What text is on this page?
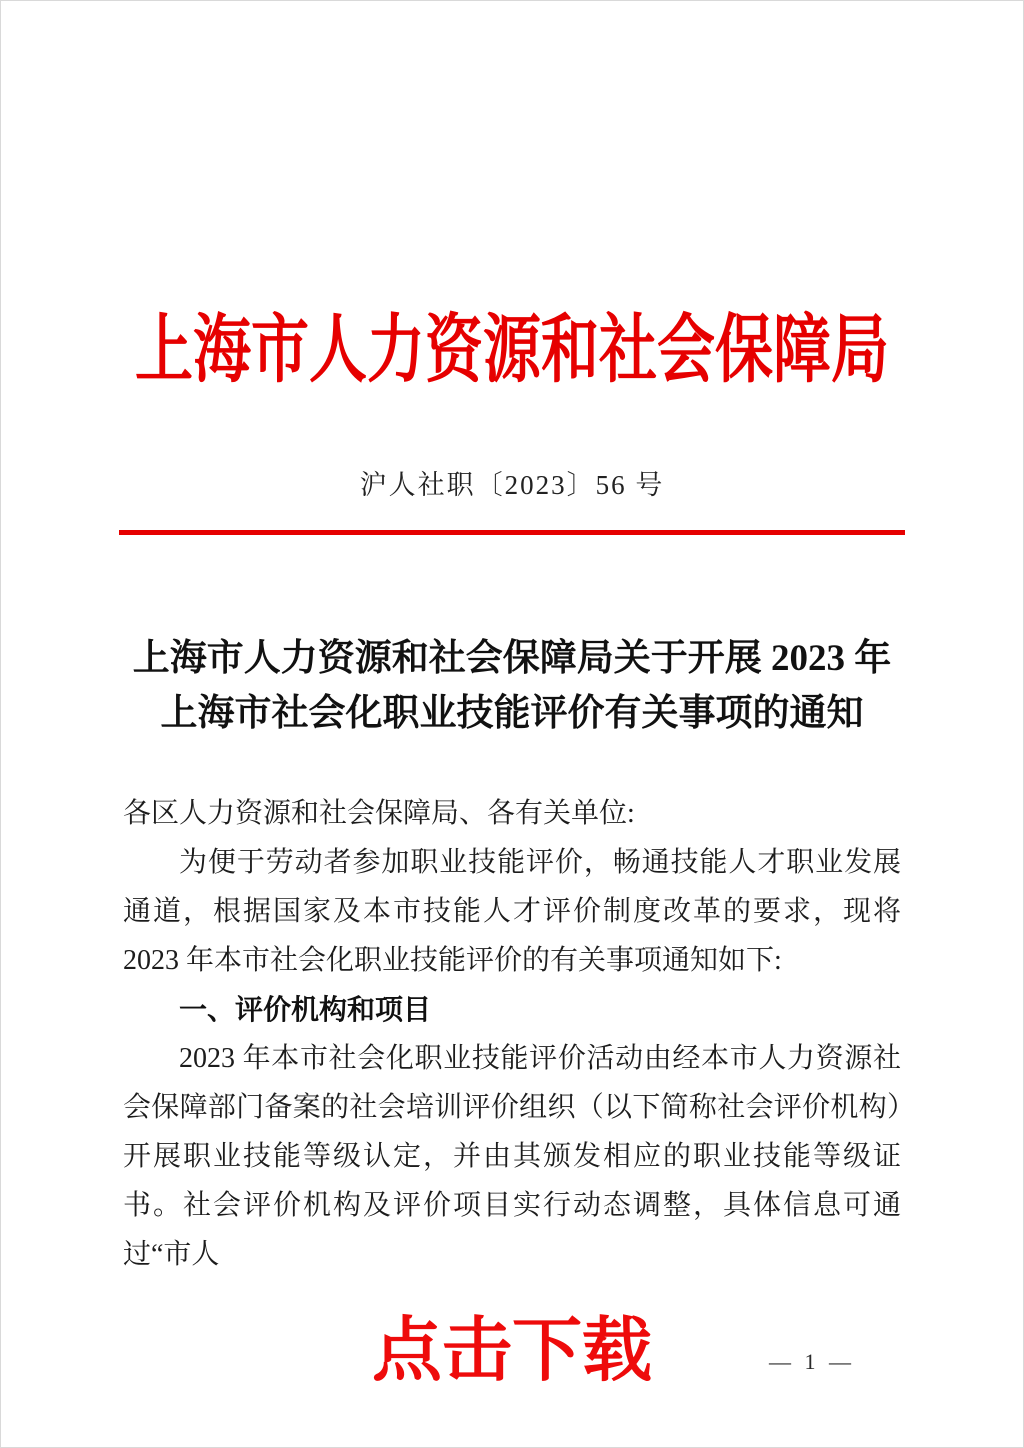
上海市人力资源和社会保障局
沪人社职〔2023〕56 号
上海市人力资源和社会保障局关于开展 2023 年
上海市社会化职业技能评价有关事项的通知

各区人力资源和社会保障局、各有关单位:

为便于劳动者参加职业技能评价，畅通技能人才职业发展通道，根据国家及本市技能人才评价制度改革的要求，现将 2023 年本市社会化职业技能评价的有关事项通知如下:

一、评价机构和项目

2023 年本市社会化职业技能评价活动由经本市人力资源社会保障部门备案的社会培训评价组织（以下简称社会评价机构）开展职业技能等级认定，并由其颁发相应的职业技能等级证书。社会评价机构及评价项目实行动态调整，具体信息可通过“市人

点击下载	— 1 —
